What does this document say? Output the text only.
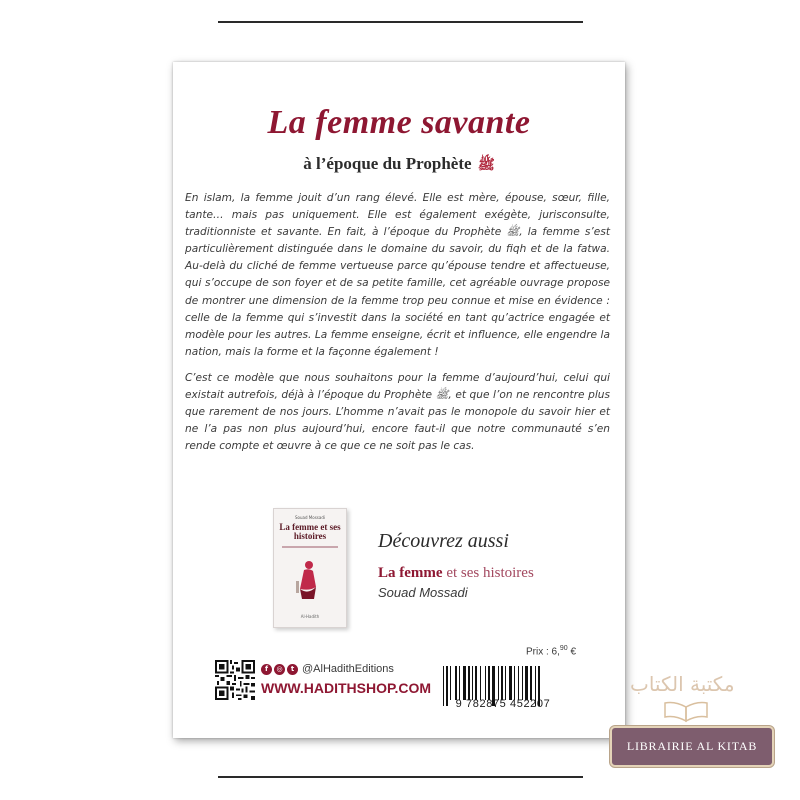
La femme savante
à l’époque du Prophète ﷺ

En islam, la femme jouit d’un rang élevé. Elle est mère, épouse, sœur, fille, tante… mais pas uniquement. Elle est également exégète, jurisconsulte, traditionniste et savante. En fait, à l’époque du Prophète ﷺ, la femme s’est particulièrement distinguée dans le domaine du savoir, du fiqh et de la fatwa. Au-delà du cliché de femme vertueuse parce qu’épouse tendre et affectueuse, qui s’occupe de son foyer et de sa petite famille, cet agréable ouvrage propose de montrer une dimension de la femme trop peu connue et mise en évidence : celle de la femme qui s’investit dans la société en tant qu’actrice engagée et modèle pour les autres. La femme enseigne, écrit et influence, elle engendre la nation, mais la forme et la façonne également !

C’est ce modèle que nous souhaitons pour la femme d’aujourd’hui, celui qui existait autrefois, déjà à l’époque du Prophète ﷺ, et que l’on ne rencontre plus que rarement de nos jours. L’homme n’avait pas le monopole du savoir hier et ne l’a pas non plus aujourd’hui, encore faut-il que notre communauté s’en rende compte et œuvre à ce que ce ne soit pas le cas.

Souad Mossadi
La femme et ses histoires
Al-Hadith
Découvrez aussi
La femme et ses histoires
Souad Mossadi
f	◎	t @AlHadithEditions
WWW.HADITHSHOP.COM
Prix : 6,90 €
9 782875 452207
مكتبة الكتاب
LIBRAIRIE AL KITAB
